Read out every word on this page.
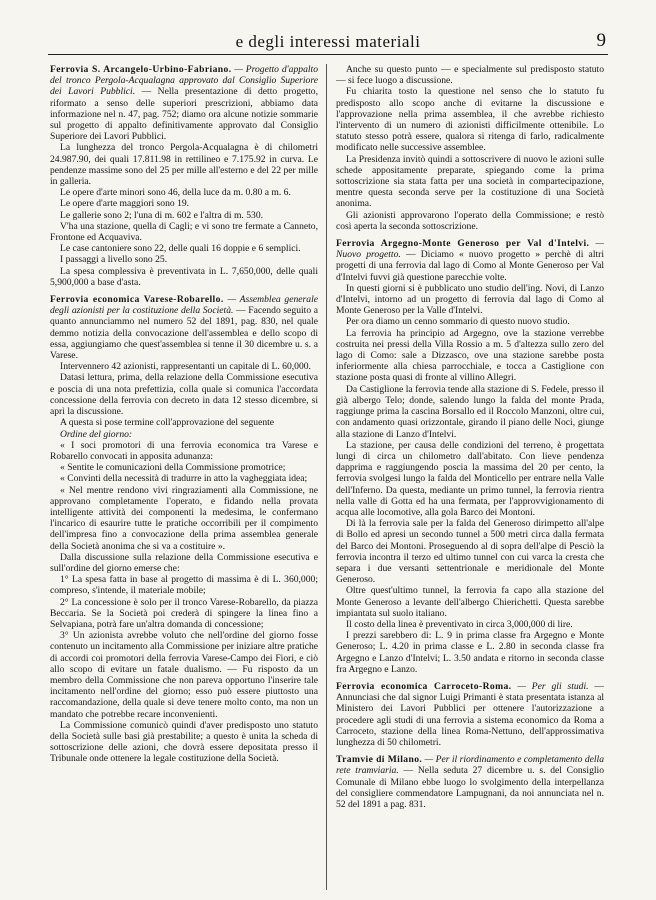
e degli interessi materiali	9

Ferrovia S. Arcangelo-Urbino-Fabriano. — Progetto d'appalto del tronco Pergola-Acqualagna approvato dal Consiglio Superiore dei Lavori Pubblici. — Nella presentazione di detto progetto, riformato a senso delle superiori prescrizioni, abbiamo data informazione nel n. 47, pag. 752; diamo ora alcune notizie sommarie sul progetto di appalto definitivamente approvato dal Consiglio Superiore dei Lavori Pubblici.

La lunghezza del tronco Pergola-Acqualagna è di chilometri 24.987.90, dei quali 17.811.98 in rettilineo e 7.175.92 in curva. Le pendenze massime sono del 25 per mille all'esterno e del 22 per mille in galleria.

Le opere d'arte minori sono 46, della luce da m. 0.80 a m. 6.

Le opere d'arte maggiori sono 19.

Le gallerie sono 2; l'una di m. 602 e l'altra di m. 530.

V'ha una stazione, quella di Cagli; e vi sono tre fermate a Canneto, Frontone ed Acquaviva.

Le case cantoniere sono 22, delle quali 16 doppie e 6 semplici.

I passaggi a livello sono 25.

La spesa complessiva è preventivata in L. 7,650,000, delle quali 5,900,000 a base d'asta.

Ferrovia economica Varese-Robarello. — Assemblea generale degli azionisti per la costituzione della Società. — Facendo seguito a quanto annunciammo nel numero 52 del 1891, pag. 830, nel quale demmo notizia della convocazione dell'assemblea e dello scopo di essa, aggiungiamo che quest'assemblea si tenne il 30 dicembre u. s. a Varese.

Intervennero 42 azionisti, rappresentanti un capitale di L. 60,000.

Datasi lettura, prima, della relazione della Commissione esecutiva e poscia di una nota prefettizia, colla quale si comunica l'accordata concessione della ferrovia con decreto in data 12 stesso dicembre, si aprì la discussione.

A questa si pose termine coll'approvazione del seguente

Ordine del giorno:

« I soci promotori di una ferrovia economica tra Varese e Robarello convocati in apposita adunanza:

« Sentite le comunicazioni della Commissione promotrice;

« Convinti della necessità di tradurre in atto la vagheggiata idea;

« Nel mentre rendono vivi ringraziamenti alla Commissione, ne approvano completamente l'operato, e fidando nella provata intelligente attività dei componenti la medesima, le confermano l'incarico di esaurire tutte le pratiche occorribili per il compimento dell'impresa fino a convocazione della prima assemblea generale della Società anonima che si va a costituire ».

Dalla discussione sulla relazione della Commissione esecutiva e sull'ordine del giorno emerse che:

1° La spesa fatta in base al progetto di massima è di L. 360,000; compreso, s'intende, il materiale mobile;

2° La concessione è solo per il tronco Varese-Robarello, da piazza Beccaria. Se la Società poi crederà di spingere la linea fino a Selvapiana, potrà fare un'altra domanda di concessione;

3° Un azionista avrebbe voluto che nell'ordine del giorno fosse contenuto un incitamento alla Commissione per iniziare altre pratiche di accordi coi promotori della ferrovia Varese-Campo dei Fiori, e ciò allo scopo di evitare un fatale dualismo. — Fu risposto da un membro della Commissione che non pareva opportuno l'inserire tale incitamento nell'ordine del giorno; esso può essere piuttosto una raccomandazione, della quale si deve tenere molto conto, ma non un mandato che potrebbe recare inconvenienti.

La Commissione comunicò quindi d'aver predisposto uno statuto della Società sulle basi già prestabilite; a questo è unita la scheda di sottoscrizione delle azioni, che dovrà essere depositata presso il Tribunale onde ottenere la legale costituzione della Società.

Anche su questo punto — e specialmente sul predisposto statuto — si fece luogo a discussione.

Fu chiarita tosto la questione nel senso che lo statuto fu predisposto allo scopo anche di evitarne la discussione e l'approvazione nella prima assemblea, il che avrebbe richiesto l'intervento di un numero di azionisti difficilmente ottenibile. Lo statuto stesso potrà essere, qualora si ritenga di farlo, radicalmente modificato nelle successive assemblee.

La Presidenza invitò quindi a sottoscrivere di nuovo le azioni sulle schede appositamente preparate, spiegando come la prima sottoscrizione sia stata fatta per una società in compartecipazione, mentre questa seconda serve per la costituzione di una Società anonima.

Gli azionisti approvarono l'operato della Commissione; e restò così aperta la seconda sottoscrizione.

Ferrovia Argegno-Monte Generoso per Val d'Intelvi. — Nuovo progetto. — Diciamo « nuovo progetto » perchè di altri progetti di una ferrovia dal lago di Como al Monte Generoso per Val d'Intelvi fuvvi già questione parecchie volte.

In questi giorni si è pubblicato uno studio dell'ing. Novi, di Lanzo d'Intelvi, intorno ad un progetto di ferrovia dal lago di Como al Monte Generoso per la Valle d'Intelvi.

Per ora diamo un cenno sommario di questo nuovo studio.

La ferrovia ha principio ad Argegno, ove la stazione verrebbe costruita nei pressi della Villa Rossio a m. 5 d'altezza sullo zero del lago di Como: sale a Dizzasco, ove una stazione sarebbe posta inferiormente alla chiesa parrocchiale, e tocca a Castiglione con stazione posta quasi di fronte al villino Allegri.

Da Castiglione la ferrovia tende alla stazione di S. Fedele, presso il già albergo Telo; donde, salendo lungo la falda del monte Prada, raggiunge prima la cascina Borsallo ed il Roccolo Manzoni, oltre cui, con andamento quasi orizzontale, girando il piano delle Noci, giunge alla stazione di Lanzo d'Intelvi.

La stazione, per causa delle condizioni del terreno, è progettata lungi di circa un chilometro dall'abitato. Con lieve pendenza dapprima e raggiungendo poscia la massima del 20 per cento, la ferrovia svolgesi lungo la falda del Monticello per entrare nella Valle dell'Inferno. Da questa, mediante un primo tunnel, la ferrovia rientra nella valle di Gotta ed ha una fermata, per l'approvvigionamento di acqua alle locomotive, alla gola Barco dei Montoni.

Di là la ferrovia sale per la falda del Generoso dirimpetto all'alpe di Bollo ed apresi un secondo tunnel a 500 metri circa dalla fermata del Barco dei Montoni. Proseguendo al di sopra dell'alpe di Pesciò la ferrovia incontra il terzo ed ultimo tunnel con cui varca la cresta che separa i due versanti settentrionale e meridionale del Monte Generoso.

Oltre quest'ultimo tunnel, la ferrovia fa capo alla stazione del Monte Generoso a levante dell'albergo Chierichetti. Questa sarebbe impiantata sul suolo italiano.

Il costo della linea è preventivato in circa 3,000,000 di lire.

I prezzi sarebbero di: L. 9 in prima classe fra Argegno e Monte Generoso; L. 4.20 in prima classe e L. 2.80 in seconda classe fra Argegno e Lanzo d'Intelvi; L. 3.50 andata e ritorno in seconda classe fra Argegno e Lanzo.

Ferrovia economica Carroceto-Roma. — Per gli studi. — Annunciasi che dal signor Luigi Primanti è stata presentata istanza al Ministero dei Lavori Pubblici per ottenere l'autorizzazione a procedere agli studi di una ferrovia a sistema economico da Roma a Carroceto, stazione della linea Roma-Nettuno, dell'approssimativa lunghezza di 50 chilometri.

Tramvie di Milano. — Per il riordinamento e completamento della rete tramviaria. — Nella seduta 27 dicembre u. s. del Consiglio Comunale di Milano ebbe luogo lo svolgimento della interpellanza del consigliere commendatore Lampugnani, da noi annunciata nel n. 52 del 1891 a pag. 831.
